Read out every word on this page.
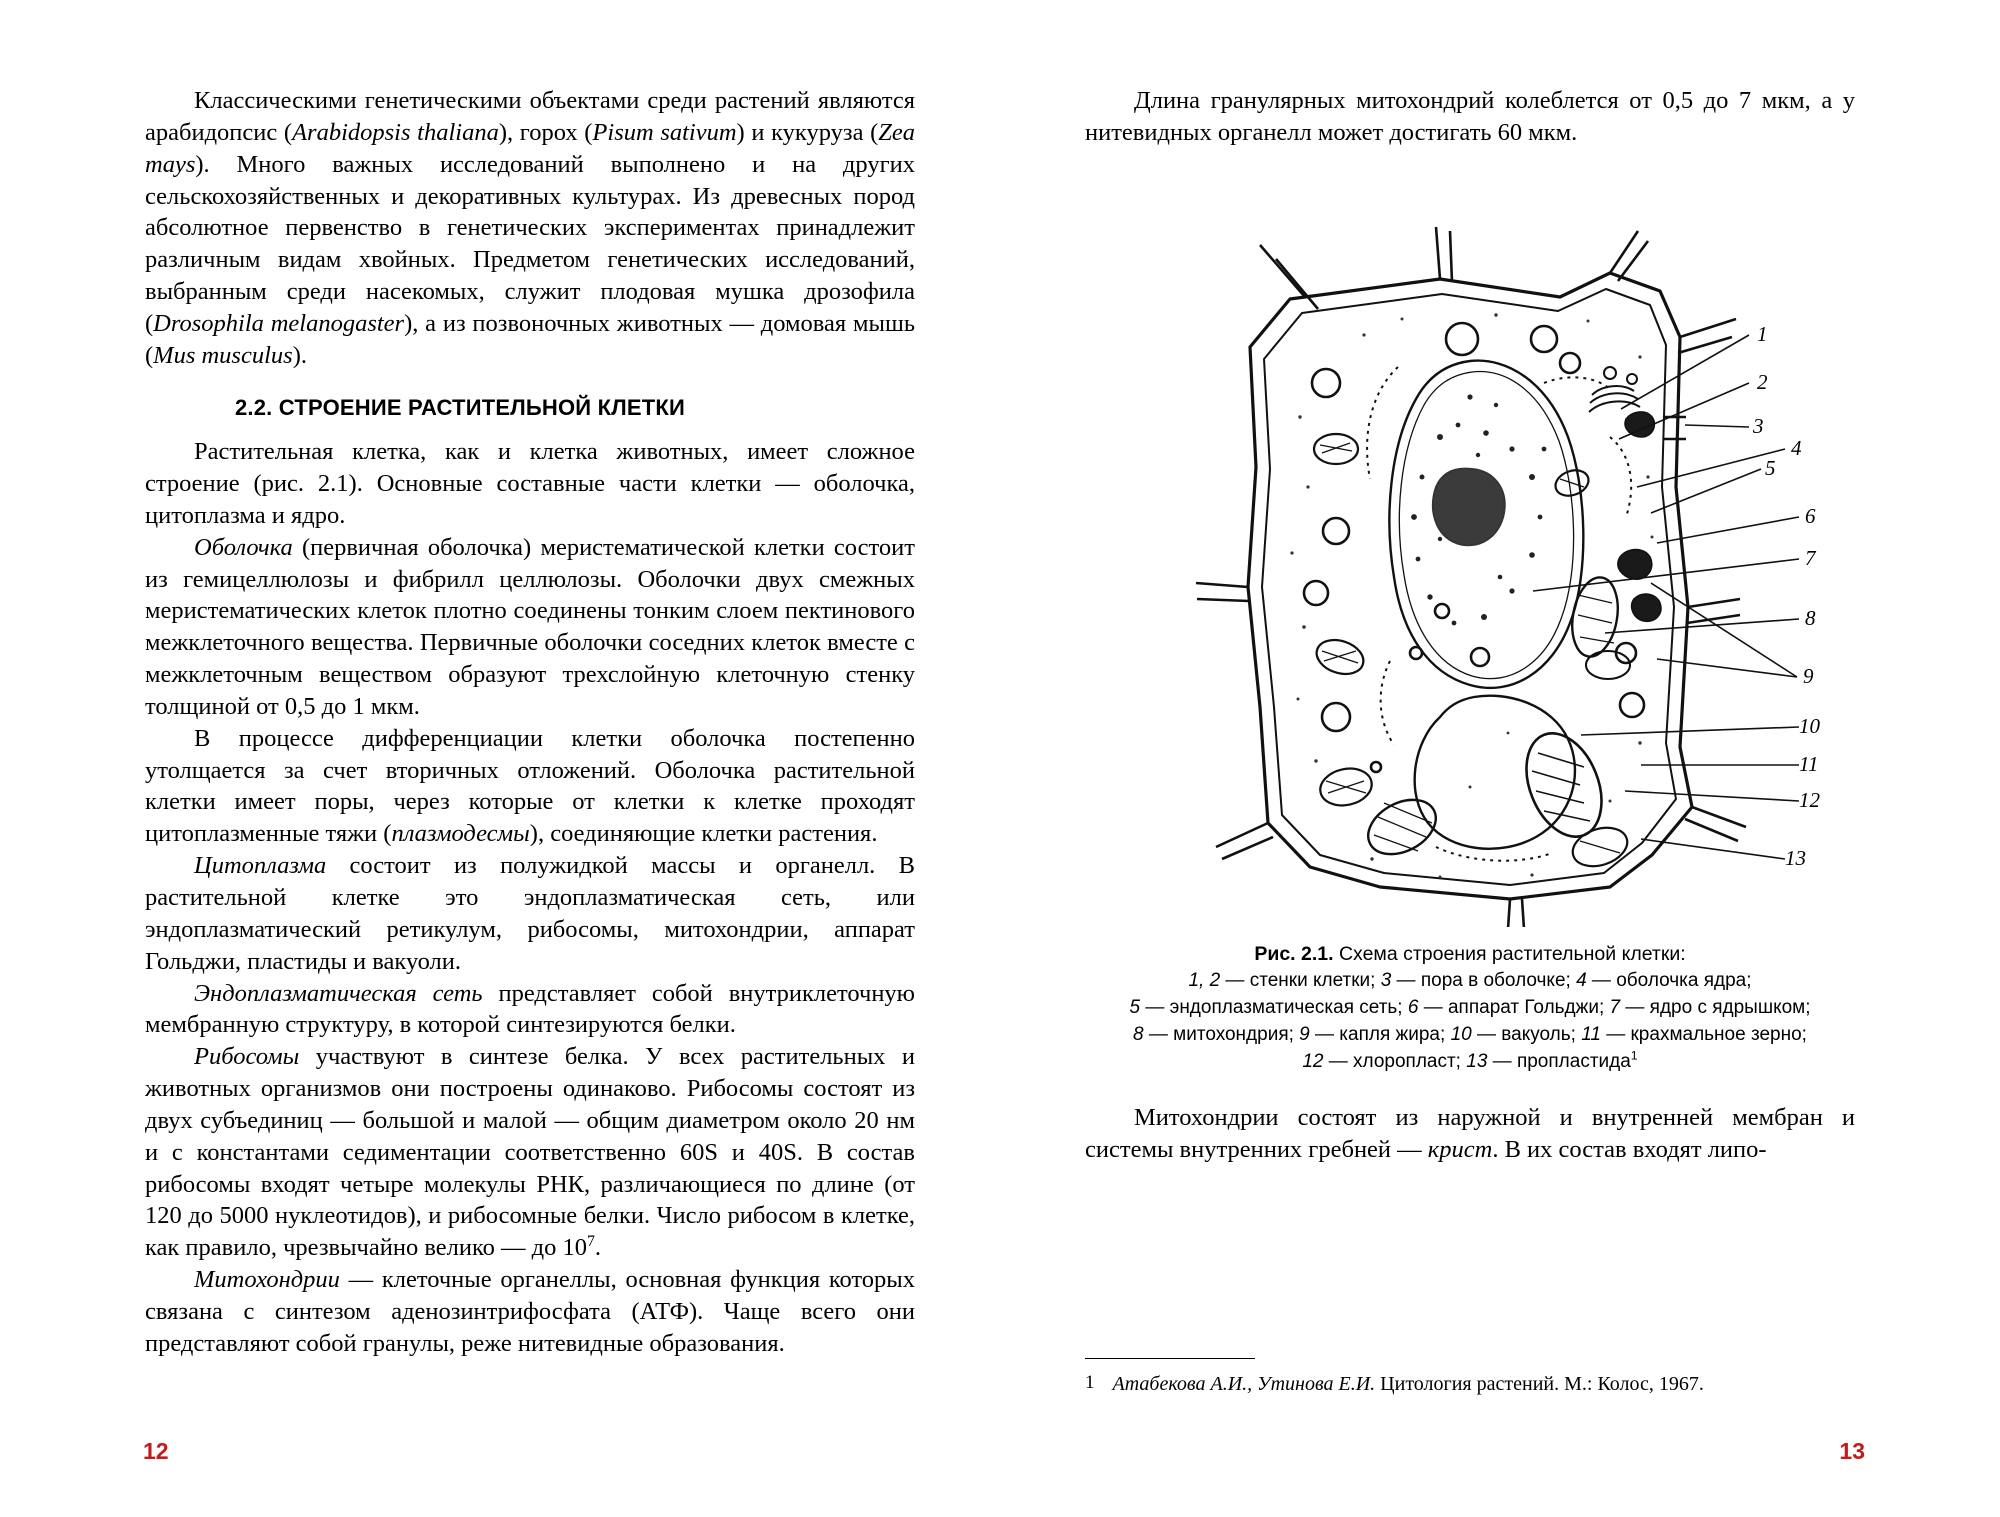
Классическими генетическими объектами среди растений являются арабидопсис (Arabidopsis thaliana), горох (Pisum sativum) и кукуруза (Zea mays). Много важных исследований выполнено и на других сельскохозяйственных и декоративных культурах. Из древесных пород абсолютное первенство в генетических экспериментах принадлежит различным видам хвойных. Предметом генетических исследований, выбранным среди насекомых, служит плодовая мушка дрозофила (Drosophila melanogaster), а из позвоночных животных — домовая мышь (Mus musculus).

2.2. СТРОЕНИЕ РАСТИТЕЛЬНОЙ КЛЕТКИ

Растительная клетка, как и клетка животных, имеет сложное строение (рис. 2.1). Основные составные части клетки — оболочка, цитоплазма и ядро.

Оболочка (первичная оболочка) меристематической клетки состоит из гемицеллюлозы и фибрилл целлюлозы. Оболочки двух смежных меристематических клеток плотно соединены тонким слоем пектинового межклеточного вещества. Первичные оболочки соседних клеток вместе с межклеточным веществом образуют трехслойную клеточную стенку толщиной от 0,5 до 1 мкм.

В процессе дифференциации клетки оболочка постепенно утолщается за счет вторичных отложений. Оболочка растительной клетки имеет поры, через которые от клетки к клетке проходят цитоплазменные тяжи (плазмодесмы), соединяющие клетки растения.

Цитоплазма состоит из полужидкой массы и органелл. В растительной клетке это эндоплазматическая сеть, или эндоплазматический ретикулум, рибосомы, митохондрии, аппарат Гольджи, пластиды и вакуоли.

Эндоплазматическая сеть представляет собой внутриклеточную мембранную структуру, в которой синтезируются белки.

Рибосомы участвуют в синтезе белка. У всех растительных и животных организмов они построены одинаково. Рибосомы состоят из двух субъединиц — большой и малой — общим диаметром около 20 нм и с константами седиментации соответственно 60S и 40S. В состав рибосомы входят четыре молекулы РНК, различающиеся по длине (от 120 до 5000 нуклеотидов), и рибосомные белки. Число рибосом в клетке, как правило, чрезвычайно велико — до $10^7$.

Митохондрии — клеточные органеллы, основная функция которых связана с синтезом аденозинтрифосфата (АТФ). Чаще всего они представляют собой гранулы, реже нитевидные образования.

12

Длина гранулярных митохондрий колеблется от 0,5 до 7 мкм, а у нитевидных органелл может достигать 60 мкм.

1
2
3
4
5
6
7
8
9
10
11
12
13
Рис. 2.1. Схема строения растительной клетки:
1, 2 — стенки клетки; 3 — пора в оболочке; 4 — оболочка ядра;
5 — эндоплазматическая сеть; 6 — аппарат Гольджи; 7 — ядро с ядрышком;
8 — митохондрия; 9 — капля жира; 10 — вакуоль; 11 — крахмальное зерно;
12 — хлоропласт; 13 — пропластида$^1$

Митохондрии состоят из наружной и внутренней мембран и системы внутренних гребней — крист. В их состав входят липо-

1 Атабекова А.И., Утинова Е.И. Цитология растений. М.: Колос, 1967.
13
